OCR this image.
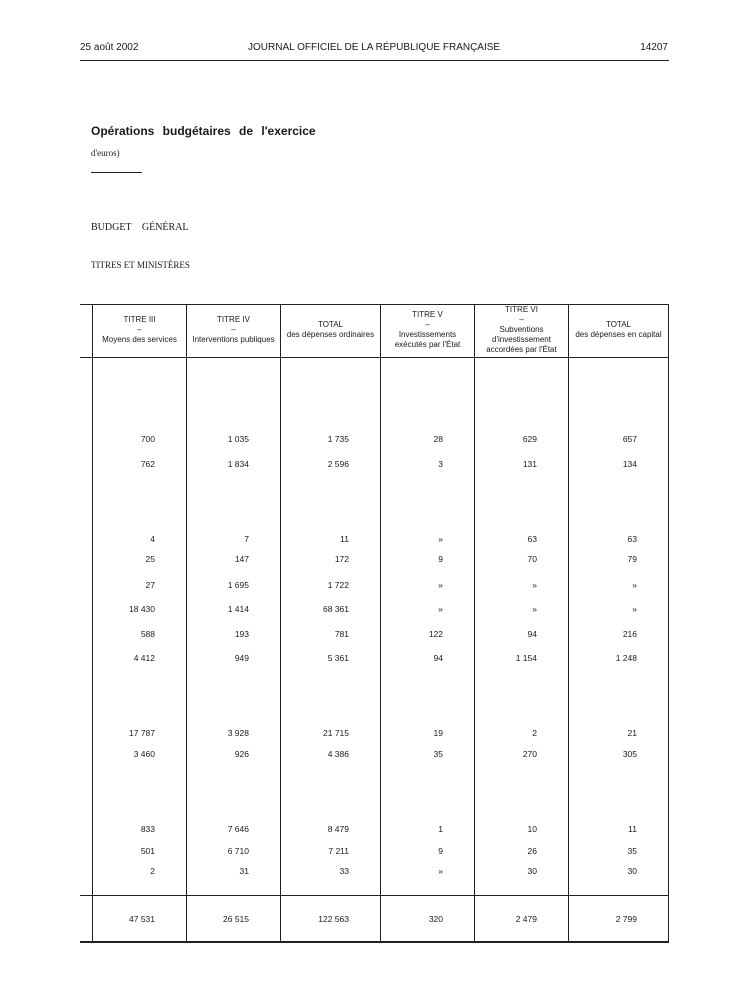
25 août 2002	JOURNAL OFFICIEL DE LA RÉPUBLIQUE FRANÇAISE	14207
Opérations budgétaires de l'exercice
d'euros)
BUDGET GÉNÉRAL
TITRES ET MINISTÈRES
TITRE III
–
Moyens des services
TITRE IV
–
Interventions publiques
TOTAL
des dépenses ordinaires
TITRE V
–
Investissements
exécutés par l'État
TITRE VI
–
Subventions d'investissement
accordées par l'État
TOTAL
des dépenses en capital
700	1 035	1 735	28	629	657
762	1 834	2 596	3	131	134
4	7	11	»	63	63
25	147	172	9	70	79
27	1 695	1 722	»	»	»
18 430	1 414	68 361	»	»	»
588	193	781	122	94	216
4 412	949	5 361	94	1 154	1 248
17 787	3 928	21 715	19	2	21
3 460	926	4 386	35	270	305
833	7 646	8 479	1	10	11
501	6 710	7 211	9	26	35
2	31	33	»	30	30
47 531	26 515	122 563	320	2 479	2 799
